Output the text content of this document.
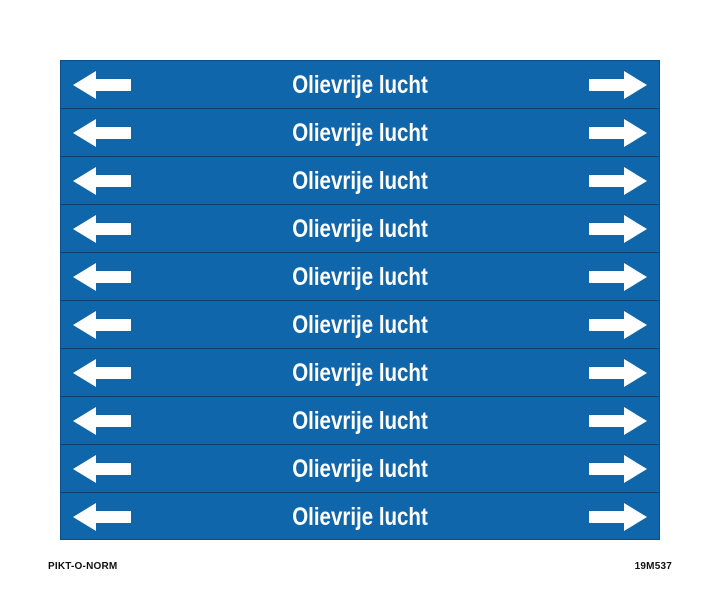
Olievrije lucht
Olievrije lucht
Olievrije lucht
Olievrije lucht
Olievrije lucht
Olievrije lucht
Olievrije lucht
Olievrije lucht
Olievrije lucht
Olievrije lucht
PIKT-O-NORM	19M537
